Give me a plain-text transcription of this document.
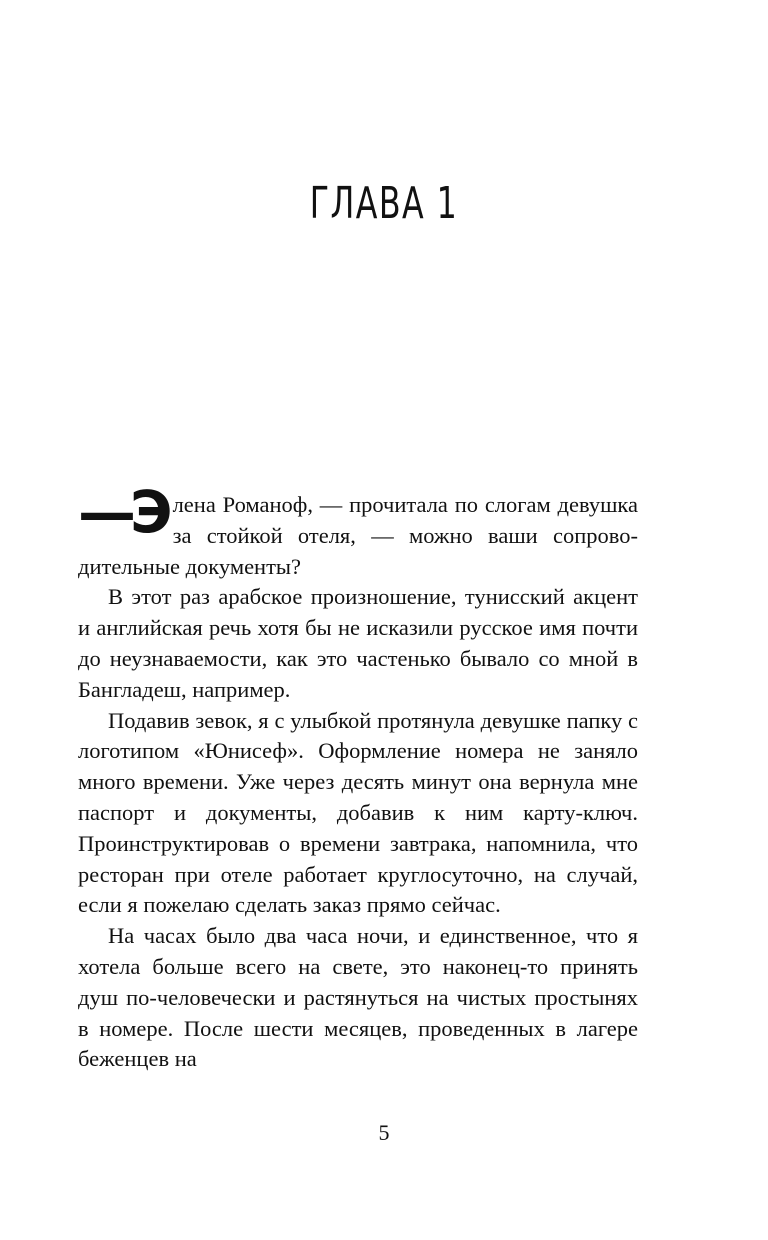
ГЛАВА 1

—Э лена Романоф, — прочитала по слогам девушка за стойкой отеля, — можно ваши сопроводительные документы?

В этот раз арабское произношение, тунисский акцент и английская речь хотя бы не исказили русское имя почти до неузнаваемости, как это частенько бывало со мной в Бангладеш, например.

Подавив зевок, я с улыбкой протянула девушке папку с логотипом «Юнисеф». Оформление номера не заняло много времени. Уже через десять минут она вернула мне паспорт и документы, добавив к ним карту-ключ. Проинструктировав о времени завтрака, напомнила, что ресторан при отеле работает круглосуточно, на случай, если я пожелаю сделать заказ прямо сейчас.

На часах было два часа ночи, и единственное, что я хотела больше всего на свете, это наконец-то принять душ по-человечески и растянуться на чистых простынях в номере. После шести месяцев, проведенных в лагере беженцев на

5
